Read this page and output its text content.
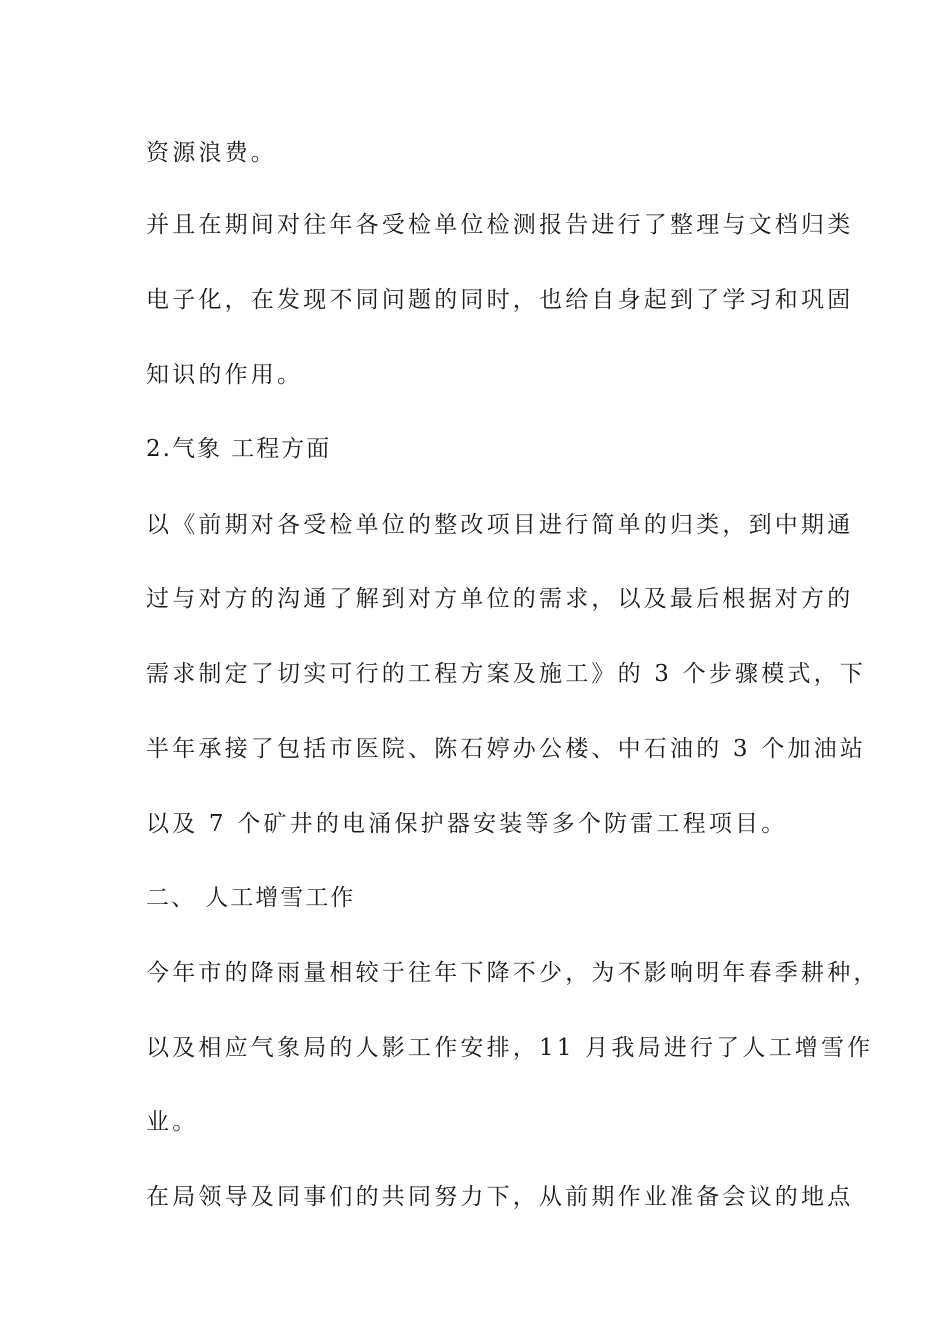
资源浪费。
并且在期间对往年各受检单位检测报告进行了整理与文档归类
电子化，在发现不同问题的同时，也给自身起到了学习和巩固
知识的作用。
2.气象 工程方面
以《前期对各受检单位的整改项目进行简单的归类，到中期通
过与对方的沟通了解到对方单位的需求，以及最后根据对方的
需求制定了切实可行的工程方案及施工》的 3 个步骤模式，下
半年承接了包括市医院、陈石婷办公楼、中石油的 3 个加油站
以及 7 个矿井的电涌保护器安装等多个防雷工程项目。
二、 人工增雪工作
今年市的降雨量相较于往年下降不少，为不影响明年春季耕种，
以及相应气象局的人影工作安排，11 月我局进行了人工增雪作
业。
在局领导及同事们的共同努力下，从前期作业准备会议的地点
